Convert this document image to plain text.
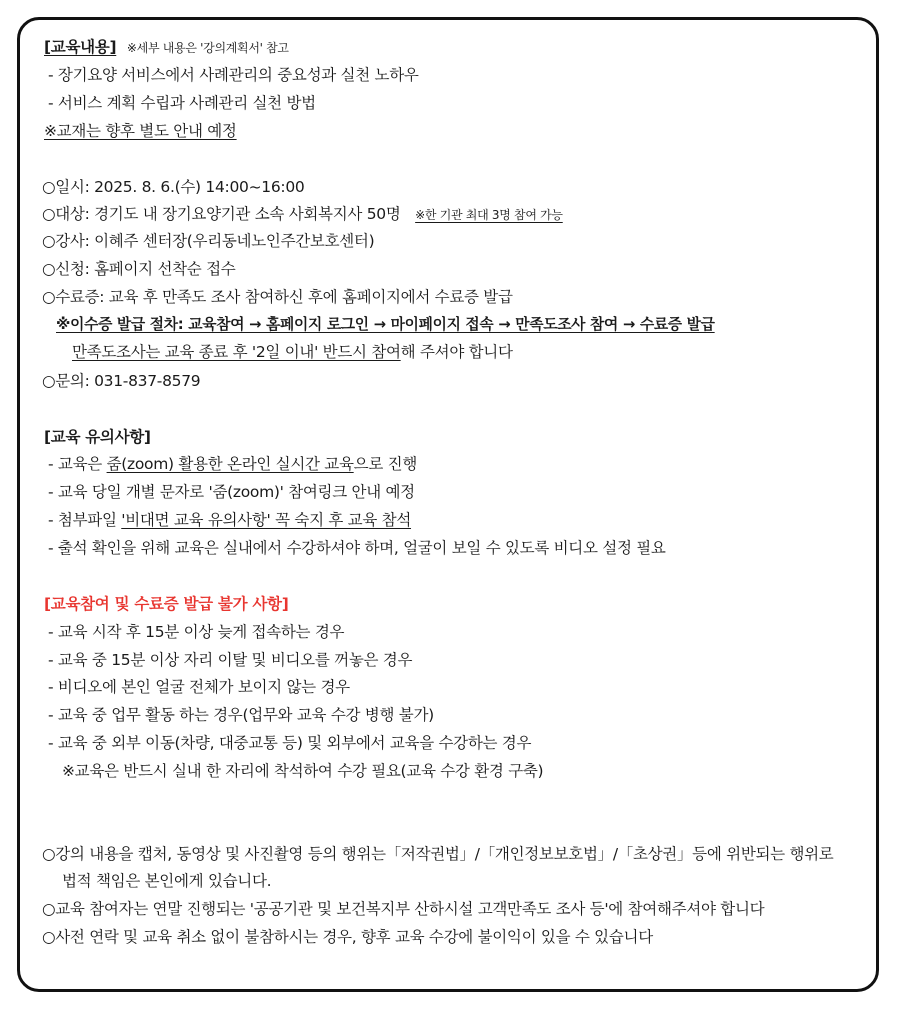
[교육내용] ※세부 내용은 '강의계획서' 참고
- 장기요양 서비스에서 사례관리의 중요성과 실천 노하우
- 서비스 계획 수립과 사례관리 실천 방법
※교재는 향후 별도 안내 예정
○일시: 2025. 8. 6.(수) 14:00~16:00
○대상: 경기도 내 장기요양기관 소속 사회복지사 50명 ※한 기관 최대 3명 참여 가능
○강사: 이혜주 센터장(우리동네노인주간보호센터)
○신청: 홈페이지 선착순 접수
○수료증: 교육 후 만족도 조사 참여하신 후에 홈페이지에서 수료증 발급
※이수증 발급 절차: 교육참여 → 홈페이지 로그인 → 마이페이지 접속 → 만족도조사 참여 → 수료증 발급
만족도조사는 교육 종료 후 '2일 이내' 반드시 참여해 주셔야 합니다
○문의: 031-837-8579
[교육 유의사항]
- 교육은 줌(zoom) 활용한 온라인 실시간 교육으로 진행
- 교육 당일 개별 문자로 '줌(zoom)' 참여링크 안내 예정
- 첨부파일 '비대면 교육 유의사항' 꼭 숙지 후 교육 참석
- 출석 확인을 위해 교육은 실내에서 수강하셔야 하며, 얼굴이 보일 수 있도록 비디오 설정 필요
[교육참여 및 수료증 발급 불가 사항]
- 교육 시작 후 15분 이상 늦게 접속하는 경우
- 교육 중 15분 이상 자리 이탈 및 비디오를 꺼놓은 경우
- 비디오에 본인 얼굴 전체가 보이지 않는 경우
- 교육 중 업무 활동 하는 경우(업무와 교육 수강 병행 불가)
- 교육 중 외부 이동(차량, 대중교통 등) 및 외부에서 교육을 수강하는 경우
※교육은 반드시 실내 한 자리에 착석하여 수강 필요(교육 수강 환경 구축)
○강의 내용을 캡처, 동영상 및 사진촬영 등의 행위는「저작권법」/「개인정보보호법」/「초상권」등에 위반되는 행위로
법적 책임은 본인에게 있습니다.
○교육 참여자는 연말 진행되는 '공공기관 및 보건복지부 산하시설 고객만족도 조사 등'에 참여해주셔야 합니다
○사전 연락 및 교육 취소 없이 불참하시는 경우, 향후 교육 수강에 불이익이 있을 수 있습니다
